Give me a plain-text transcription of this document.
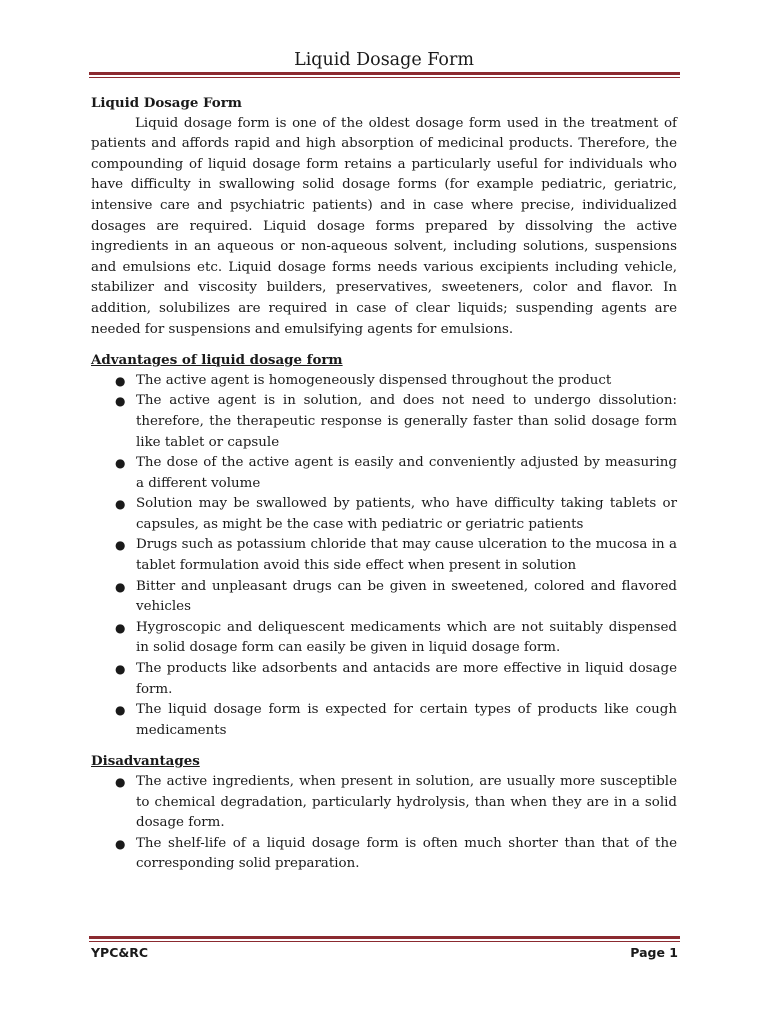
Liquid Dosage Form

Liquid Dosage Form

Liquid dosage form is one of the oldest dosage form used in the treatment of patients and affords rapid and high absorption of medicinal products. Therefore, the compounding of liquid dosage form retains a particularly useful for individuals who have difficulty in swallowing solid dosage forms (for example pediatric, geriatric, intensive care and psychiatric patients) and in case where precise, individualized dosages are required. Liquid dosage forms prepared by dissolving the active ingredients in an aqueous or non-aqueous solvent, including solutions, suspensions and emulsions etc. Liquid dosage forms needs various excipients including vehicle, stabilizer and viscosity builders, preservatives, sweeteners, color and flavor. In addition, solubilizes are required in case of clear liquids; suspending agents are needed for suspensions and emulsifying agents for emulsions.

Advantages of liquid dosage form

● The active agent is homogeneously dispensed throughout the product
● The active agent is in solution, and does not need to undergo dissolution: therefore, the therapeutic response is generally faster than solid dosage form like tablet or capsule
● The dose of the active agent is easily and conveniently adjusted by measuring a different volume
● Solution may be swallowed by patients, who have difficulty taking tablets or capsules, as might be the case with pediatric or geriatric patients
● Drugs such as potassium chloride that may cause ulceration to the mucosa in a tablet formulation avoid this side effect when present in solution
● Bitter and unpleasant drugs can be given in sweetened, colored and flavored vehicles
● Hygroscopic and deliquescent medicaments which are not suitably dispensed in solid dosage form can easily be given in liquid dosage form.
● The products like adsorbents and antacids are more effective in liquid dosage form.
● The liquid dosage form is expected for certain types of products like cough medicaments

Disadvantages

● The active ingredients, when present in solution, are usually more susceptible to chemical degradation, particularly hydrolysis, than when they are in a solid dosage form.
● The shelf-life of a liquid dosage form is often much shorter than that of the corresponding solid preparation.
YPC&RC	Page 1
